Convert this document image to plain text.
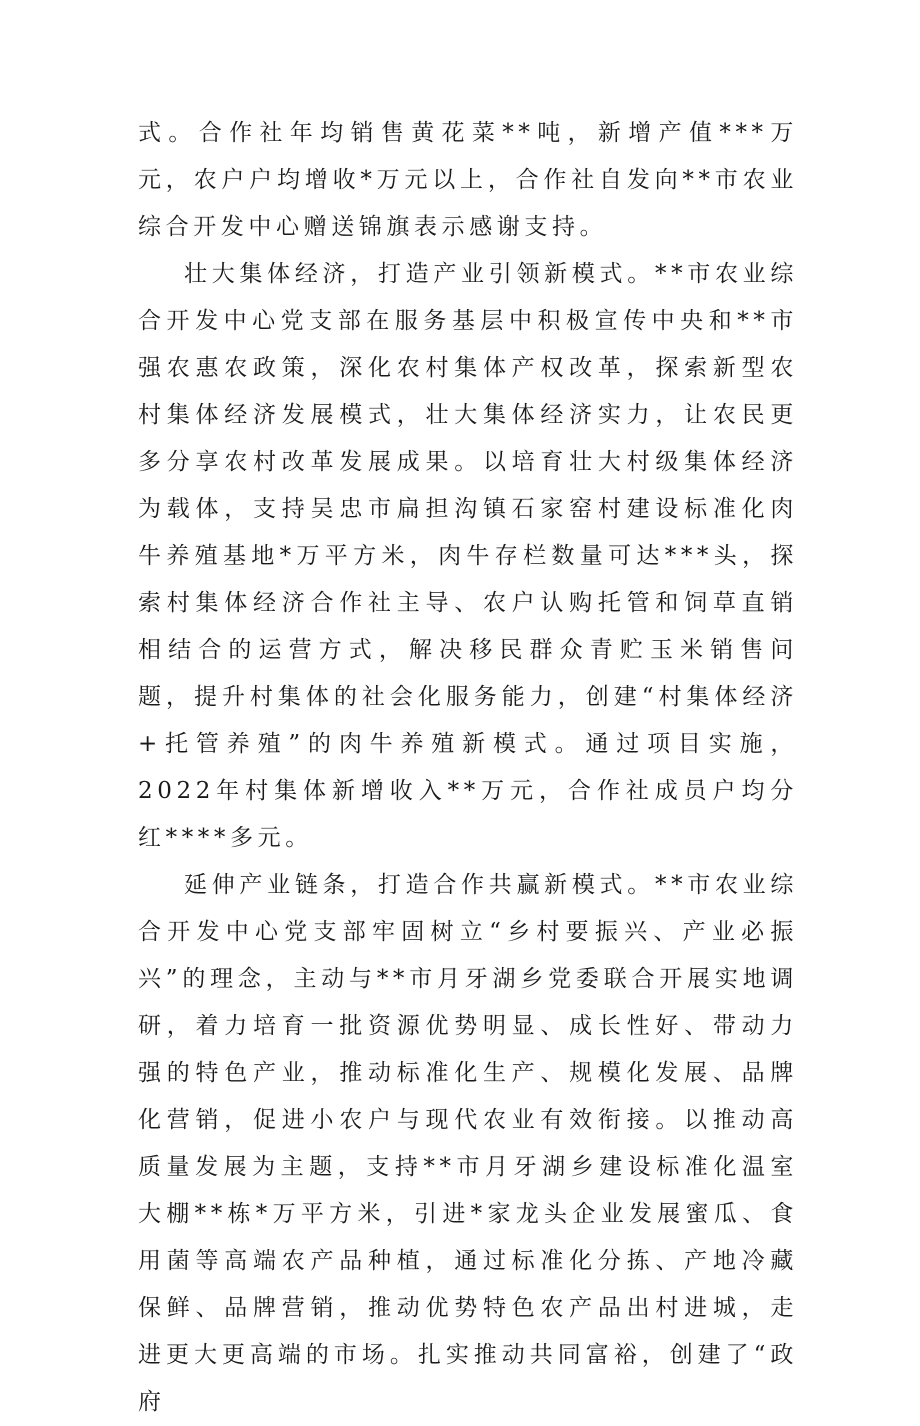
式。合作社年均销售黄花菜**吨，新增产值***万元，农户户均增收*万元以上，合作社自发向**市农业综合开发中心赠送锦旗表示感谢支持。

壮大集体经济，打造产业引领新模式。**市农业综合开发中心党支部在服务基层中积极宣传中央和**市强农惠农政策，深化农村集体产权改革，探索新型农村集体经济发展模式，壮大集体经济实力，让农民更多分享农村改革发展成果。以培育壮大村级集体经济为载体，支持吴忠市扁担沟镇石家窑村建设标准化肉牛养殖基地*万平方米，肉牛存栏数量可达***头，探索村集体经济合作社主导、农户认购托管和饲草直销相结合的运营方式，解决移民群众青贮玉米销售问题，提升村集体的社会化服务能力，创建“村集体经济+托管养殖”的肉牛养殖新模式。通过项目实施，2022年村集体新增收入**万元，合作社成员户均分红****多元。

延伸产业链条，打造合作共赢新模式。**市农业综合开发中心党支部牢固树立“乡村要振兴、产业必振兴”的理念，主动与**市月牙湖乡党委联合开展实地调研，着力培育一批资源优势明显、成长性好、带动力强的特色产业，推动标准化生产、规模化发展、品牌化营销，促进小农户与现代农业有效衔接。以推动高质量发展为主题，支持**市月牙湖乡建设标准化温室大棚**栋*万平方米，引进*家龙头企业发展蜜瓜、食用菌等高端农产品种植，通过标准化分拣、产地冷藏保鲜、品牌营销，推动优势特色农产品出村进城，走进更大更高端的市场。扎实推动共同富裕，创建了“政府
